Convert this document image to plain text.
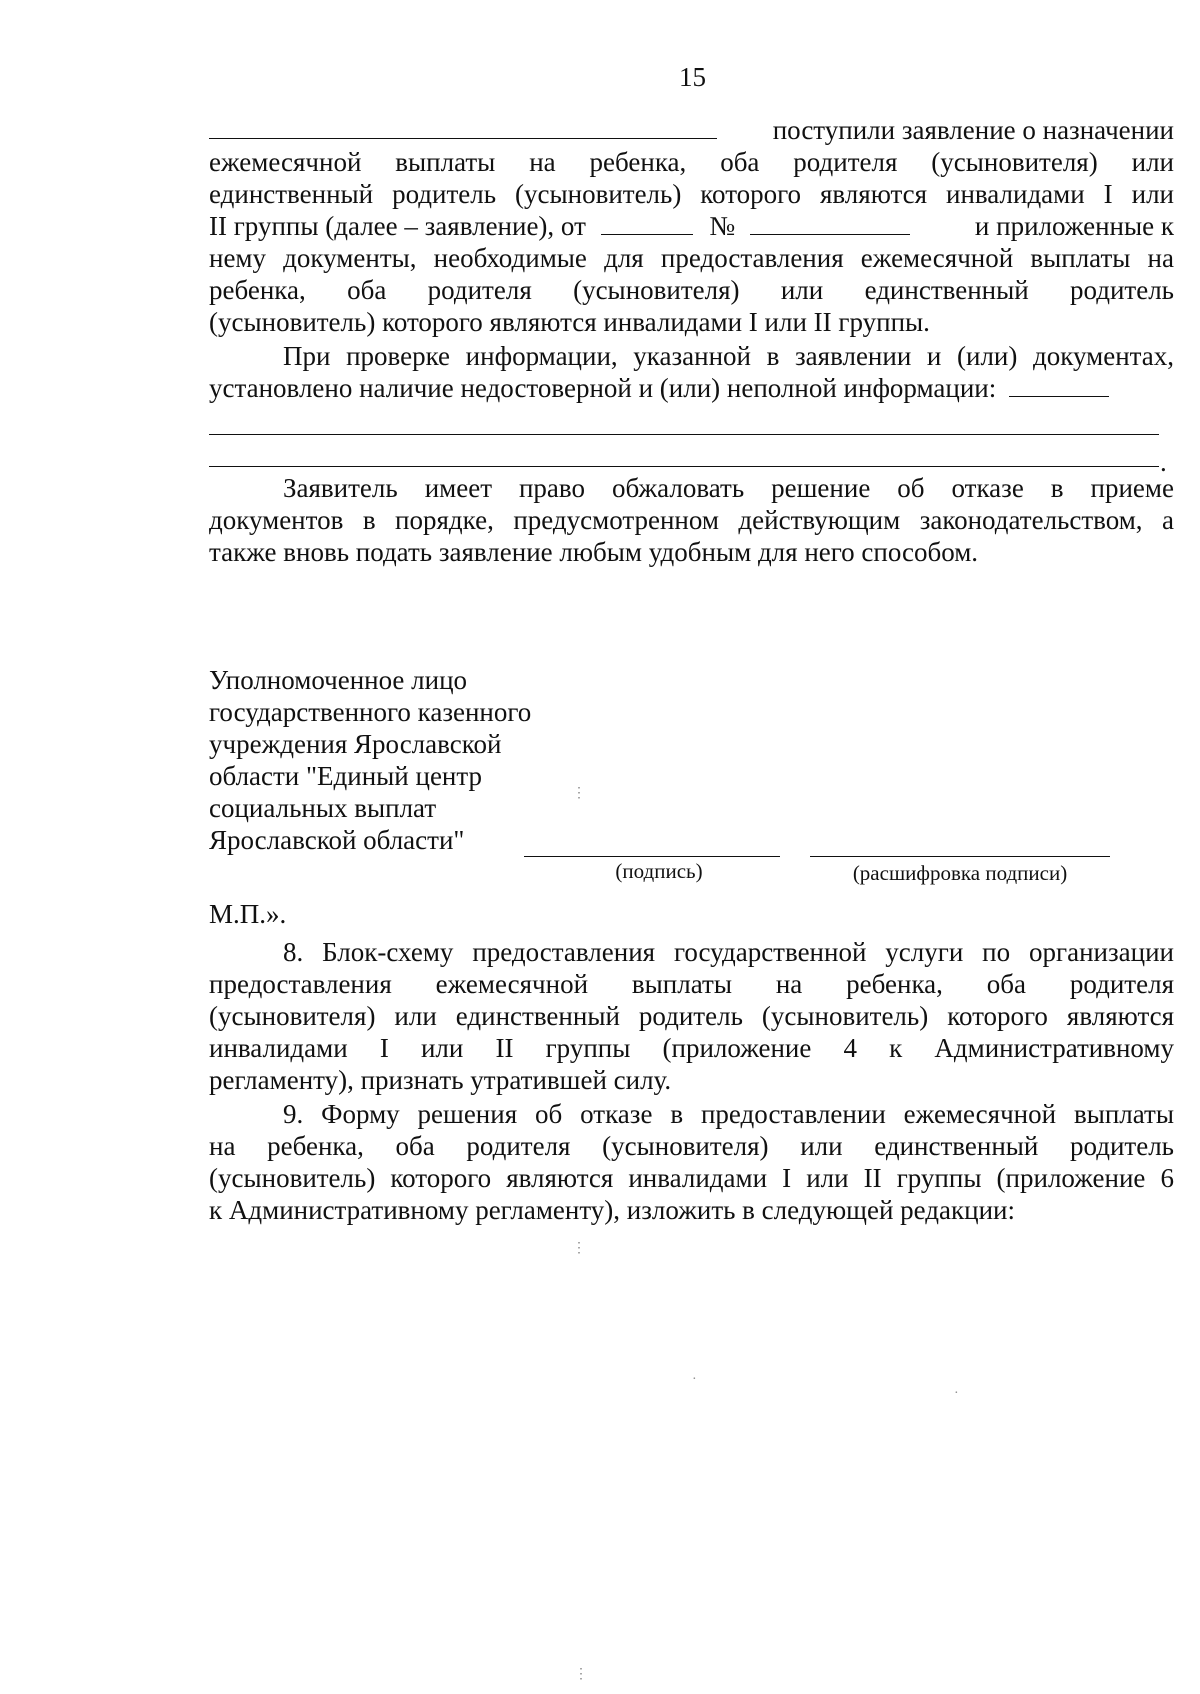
15
поступили заявление о назначении
ежемесячной выплаты на ребенка, оба родителя (усыновителя) или
единственный родитель (усыновитель) которого являются инвалидами I или
II группы (далее – заявление), от	№	и приложенные к
нему документы, необходимые для предоставления ежемесячной выплаты на
ребенка, оба родителя (усыновителя) или единственный родитель
(усыновитель) которого являются инвалидами I или II группы.
При проверке информации, указанной в заявлении и (или) документах,
установлено наличие недостоверной и (или) неполной информации:
.
Заявитель имеет право обжаловать решение об отказе в приеме
документов в порядке, предусмотренном действующим законодательством, а
также вновь подать заявление любым удобным для него способом.
Уполномоченное лицо
государственного казенного
учреждения Ярославской
области "Единый центр
социальных выплат
Ярославской области"
(подпись)	(расшифровка подписи)
М.П.».
8. Блок-схему предоставления государственной услуги по организации
предоставления ежемесячной выплаты на ребенка, оба родителя
(усыновителя) или единственный родитель (усыновитель) которого являются
инвалидами I или II группы (приложение 4 к Административному
регламенту), признать утратившей силу.
9. Форму решения об отказе в предоставлении ежемесячной выплаты
на ребенка, оба родителя (усыновителя) или единственный родитель
(усыновитель) которого являются инвалидами I или II группы (приложение 6
к Административному регламенту), изложить в следующей редакции:
⋮
⋮
·
·
⋮
